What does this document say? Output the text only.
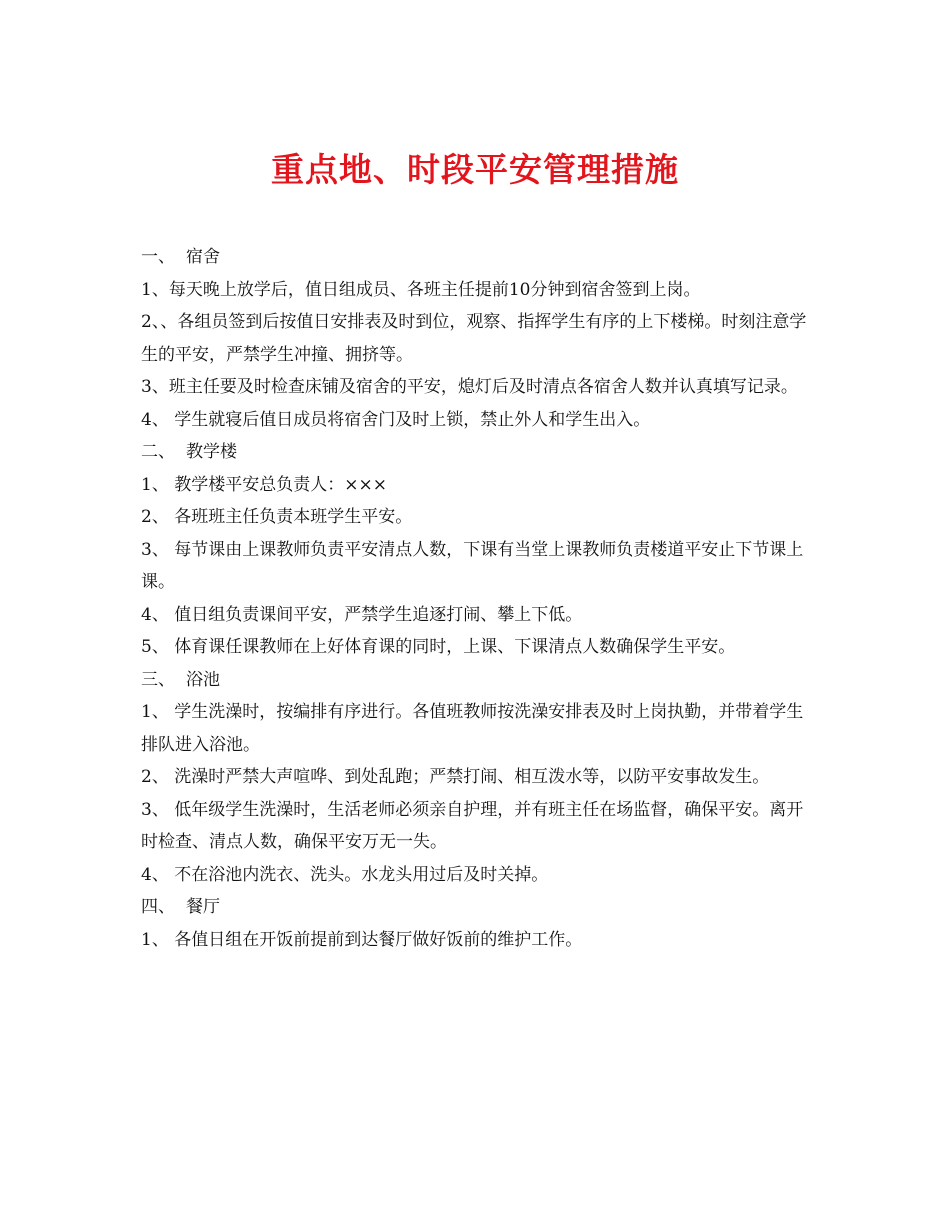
重点地、时段平安管理措施

一、 宿舍

1、每天晚上放学后，值日组成员、各班主任提前10分钟到宿舍签到上岗。

2、、各组员签到后按值日安排表及时到位，观察、指挥学生有序的上下楼梯。时刻注意学生的平安，严禁学生冲撞、拥挤等。

3、班主任要及时检查床铺及宿舍的平安，熄灯后及时清点各宿舍人数并认真填写记录。

4、 学生就寝后值日成员将宿舍门及时上锁，禁止外人和学生出入。

二、 教学楼

1、 教学楼平安总负责人：×××

2、 各班班主任负责本班学生平安。

3、 每节课由上课教师负责平安清点人数，下课有当堂上课教师负责楼道平安止下节课上课。

4、 值日组负责课间平安，严禁学生追逐打闹、攀上下低。

5、 体育课任课教师在上好体育课的同时，上课、下课清点人数确保学生平安。

三、 浴池

1、 学生洗澡时，按编排有序进行。各值班教师按洗澡安排表及时上岗执勤，并带着学生排队进入浴池。

2、 洗澡时严禁大声喧哗、到处乱跑；严禁打闹、相互泼水等，以防平安事故发生。

3、 低年级学生洗澡时，生活老师必须亲自护理，并有班主任在场监督，确保平安。离开时检查、清点人数，确保平安万无一失。

4、 不在浴池内洗衣、洗头。水龙头用过后及时关掉。

四、 餐厅

1、 各值日组在开饭前提前到达餐厅做好饭前的维护工作。
